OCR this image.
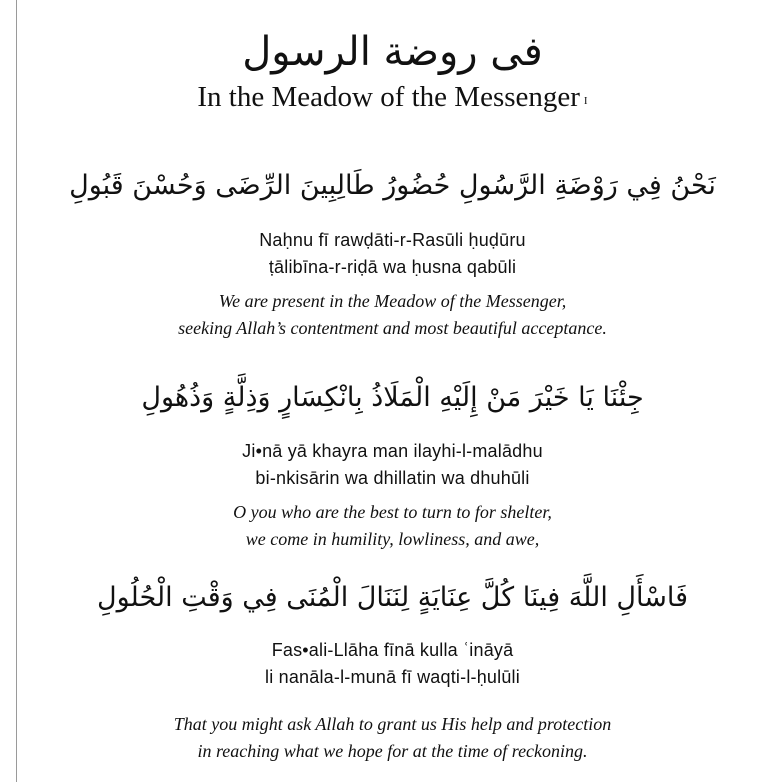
فى روضة الرسول
In the Meadow of the Messenger $^I$
نَحْنُ فِي رَوْضَةِ الرَّسُولِ حُضُورُ طَالِبِينَ الرِّضَى وَحُسْنَ قَبُولِ
Naḥnu fī rawḍāti-r-Rasūli ḥuḍūru
ṭālibīna-r-riḍā wa ḥusna qabūli
We are present in the Meadow of the Messenger,
seeking Allah’s contentment and most beautiful acceptance.
جِئْنَا يَا خَيْرَ مَنْ إِلَيْهِ الْمَلَاذُ بِانْكِسَارٍ وَذِلَّةٍ وَذُهُولِ
Ji•nā yā khayra man ilayhi-l-malādhu
bi-nkisārin wa dhillatin wa dhuhūli
O you who are the best to turn to for shelter,
we come in humility, lowliness, and awe,
فَاسْأَلِ اللَّهَ فِينَا كُلَّ عِنَايَةٍ لِنَنَالَ الْمُنَى فِي وَقْتِ الْحُلُولِ
Fas•ali-Llāha fīnā kulla ʿināyā
li nanāla-l-munā fī waqti-l-ḥulūli
That you might ask Allah to grant us His help and protection
in reaching what we hope for at the time of reckoning.
